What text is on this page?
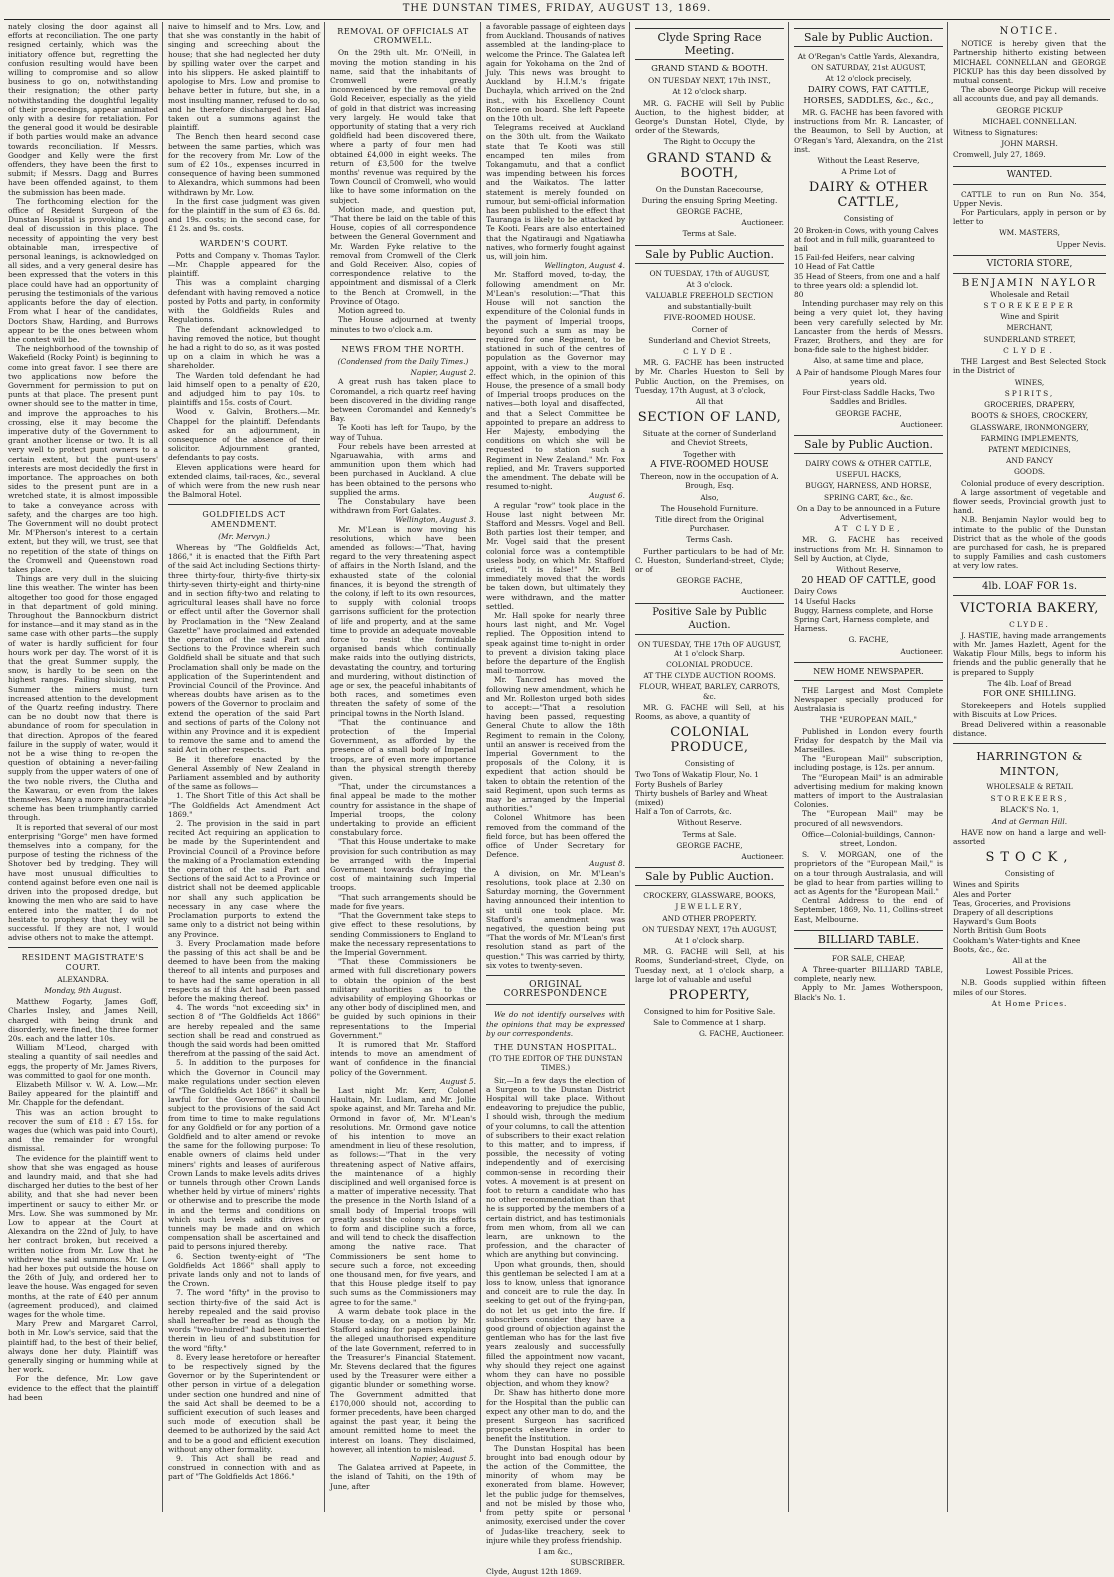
THE DUNSTAN TIMES, FRIDAY, AUGUST 13, 1869.

nately closing the door against all efforts at reconciliation. The one party resigned certainly, which was the initiatory offence but, regretting the confusion resulting would have been willing to compromise and so allow business to go on, notwithstanding their resignation; the other party notwithstanding the doughtful legality of their proceedings, appear animated only with a desire for retaliation. For the general good it would be desirable if both parties would make an advance towards reconciliation. If Messrs. Goodger and Kelly were the first offenders, they have been the first to submit; if Messrs. Dagg and Burres have been offended against, to them the submission has been made.

The forthcoming election for the office of Resident Surgeon of the Dunstan Hospital is provoking a good deal of discussion in this place. The necessity of appointing the very best obtainable man, irrespective of personal leanings, is acknowledged on all sides, and a very general desire has been expressed that the voters in this place could have had an opportunity of perusing the testimonials of the various applicants before the day of election. From what I hear of the candidates, Doctors Shaw, Harding, and Burrows appear to be the ones between whom the contest will be.

The neighborhood of the township of Wakefield (Rocky Point) is beginning to come into great favor. I see there are two applications now before the Government for permission to put on punts at that place. The present punt owner should see to the matter in time, and improve the approaches to his crossing, else it may become the imperative duty of the Government to grant another license or two. It is all very well to protect punt owners to a certain extent, but the punt-users' interests are most decidedly the first in importance. The approaches on both sides to the present punt are in a wretched state, it is almost impossible to take a conveyance across with safety, and the charges are too high. The Government will no doubt protect Mr. M'Pherson's interest to a certain extent, but they will, we trust, see that no repetition of the state of things on the Cromwell and Queenstown road takes place.

Things are very dull in the sluicing line this weather. The winter has been altogether too good for those engaged in that department of gold mining. Throughout the Bannockburn district for instance—and it may stand as in the same case with other parts—the supply of water is hardly sufficient for four hours work per day. The worst of it is that the great Summer supply, the snow, is hardly to be seen on the highest ranges. Failing sluicing, next Summer the miners must turn increased attention to the development of the Quartz reefing industry. There can be no doubt now that there is abundance of room for speculation in that direction. Apropos of the feared failure in the supply of water, would it not be a wise thing to re-open the question of obtaining a never-failing supply from the upper waters of one of the two noble rivers, the Clutha and the Kawarau, or even from the lakes themselves. Many a more impracticable scheme has been triumphantly carried through.

It is reported that several of our most enterprising "Gorge" men have formed themselves into a company, for the purpose of testing the richness of the Shotover bed by tredging. They will have most unusual difficulties to contend against before even one nail is driven into the proposed dredge, but knowing the men who are said to have entered into the matter, I do not hesitate to prophesy that they will be successful. If they are not, I would advise others not to make the attempt.

RESIDENT MAGISTRATE'S COURT.
ALEXANDRA.
Monday, 9th August.

Matthew Fogarty, James Goff, Charles Insley, and James Neill, charged with being drunk and disorderly, were fined, the three former 20s. each and the latter 10s.

William M'Leod, charged with stealing a quantity of sail needles and eggs, the property of Mr. James Rivers, was committed to gaol for one month.

Elizabeth Millsor v. W. A. Low.—Mr. Bailey appeared for the plaintiff and Mr. Chapple for the defendant.

This was an action brought to recover the sum of £18 : £7 15s. for wages due (which was paid into Court), and the remainder for wrongful dismissal.

The evidence for the plaintiff went to show that she was engaged as house and laundry maid, and that she had discharged her duties to the best of her ability, and that she had never been impertinent or saucy to either Mr. or Mrs. Low. She was summoned by Mr. Low to appear at the Court at Alexandra on the 22nd of July, to have her contract broken, but received a written notice from Mr. Low that he withdrew the said summons. Mr. Low had her boxes put outside the house on the 26th of July, and ordered her to leave the house. Was engaged for seven months, at the rate of £40 per annum (agreement produced), and claimed wages for the whole time.

Mary Prew and Margaret Carrol, both in Mr. Low's service, said that the plaintiff had, to the best of their belief, always done her duty. Plaintiff was generally singing or humming while at her work.

For the defence, Mr. Low gave evidence to the effect that the plaintiff had been

naive to himself and to Mrs. Low, and that she was constantly in the habit of singing and screeching about the house; that she had neglected her duty by spilling water over the carpet and into his slippers. He asked plaintiff to apologise to Mrs. Low and promise to behave better in future, but she, in a most insulting manner, refused to do so, and he therefore discharged her. Had taken out a summons against the plaintiff.

The Bench then heard second case between the same parties, which was for the recovery from Mr. Low of the sum of £2 10s., expenses incurred in consequence of having been summoned to Alexandra, which summons had been withdrawn by Mr. Low.

In the first case judgment was given for the plaintiff in the sum of £3 6s. 8d. and 19s. costs; in the second case, for £1 2s. and 9s. costs.

WARDEN'S COURT.

Potts and Company v. Thomas Taylor.—Mr. Chapple appeared for the plaintiff.

This was a complaint charging defendant with having removed a notice posted by Potts and party, in conformity with the Goldfields Rules and Regulations.

The defendant acknowledged to having removed the notice, but thought he had a right to do so, as it was posted up on a claim in which he was a shareholder.

The Warden told defendant he had laid himself open to a penalty of £20, and adjudged him to pay 10s. to plaintiffs and 15s. costs of Court.

Wood v. Galvin, Brothers.—Mr. Chappel for the plaintiff. Defendants asked for an adjournment, in consequence of the absence of their solicitor. Adjournment granted, defendants to pay costs.

Eleven applications were heard for extended claims, tail-races, &c., several of which were from the new rush near the Balmoral Hotel.

GOLDFIELDS ACT AMENDMENT.
(Mr. Mervyn.)

Whereas by "The Goldfields Act, 1866," it is enacted that the Fifth Part of the said Act including Sections thirty-three thirty-four, thirty-five thirty-six thirty-seven thirty-eight and thirty-nine and in section fifty-two and relating to agricultural leases shall have no force or effect until after the Governor shall by Proclamation in the "New Zealand Gazette" have proclaimed and extended the operation of the said Part and Sections to the Province wherein such Goldfield shall be situate and that such Proclamation shall only be made on the application of the Superintendent and Provincial Council of the Province. And whereas doubts have arisen as to the powers of the Governor to proclaim and extend the operation of the said Part and sections of parts of the Colony not within any Province and it is expedient to remove the same and to amend the said Act in other respects.

Be it therefore enacted by the General Assembly of New Zealand in Parliament assembled and by authority of the same as follows—

1. The Short Title of this Act shall be "The Goldfields Act Amendment Act 1869."

2. The provision in the said in part recited Act requiring an application to be made by the Superintendent and Provincial Council of a Province before the making of a Proclamation extending the operation of the said Part and Sections of the said Act to a Province or district shall not be deemed applicable nor shall any such application be necessary in any case where the Proclamation purports to extend the same only to a district not being within any Province.

3. Every Proclamation made before the passing of this act shall be and be deemed to have been from the making thereof to all intents and purposes and to have had the same operation in all respects as if this Act had been passed before the making thereof.

4. The words "not exceeding six" in section 8 of "The Goldfields Act 1866" are hereby repealed and the same section shall be read and construed as though the said words had been omitted therefrom at the passing of the said Act.

5. In addition to the purposes for which the Governor in Council may make regulations under section eleven of "The Goldfields Act 1866" it shall be lawful for the Governor in Council subject to the provisions of the said Act from time to time to make regulations for any Goldfield or for any portion of a Goldfield and to alter amend or revoke the same for the following purpose: To enable owners of claims held under miners' rights and leases of auriferous Crown Lands to make levels adits drives or tunnels through other Crown Lands whether held by virtue of miners' rights or otherwise and to prescribe the mode in and the terms and conditions on which such levels adits drives or tunnels may be made and on which compensation shall be ascertained and paid to persons injured thereby.

6. Section twenty-eight of "The Goldfields Act 1866" shall apply to private lands only and not to lands of the Crown.

7. The word "fifty" in the proviso to section thirty-five of the said Act is hereby repealed and the said proviso shall hereafter be read as though the words "two-hundred" had been inserted therein in lieu of and substitution for the word "fifty."

8. Every lease heretofore or hereafter to be respectively signed by the Governor or by the Superintendent or other person in virtue of a delegation under section one hundred and nine of the said Act shall be deemed to be a sufficient execution of such leases and such mode of execution shall be deemed to be authorized by the said Act and to be a good and efficient execution without any other formality.

9. This Act shall be read and construed in connection with and as part of "The Goldfields Act 1866."

REMOVAL OF OFFICIALS AT CROMWELL.

On the 29th ult. Mr. O'Neill, in moving the motion standing in his name, said that the inhabitants of Cromwell were greatly inconvenienced by the removal of the Gold Receiver, especially as the yield of gold in that district was increasing very largely. He would take that opportunity of stating that a very rich goldfield had been discovered there, where a party of four men had obtained £4,000 in eight weeks. The return of £3,500 for the twelve months' revenue was required by the Town Council of Cromwell, who would like to have some information on the subject.

Motion made, and question put, "That there be laid on the table of this House, copies of all correspondence between the General Government and Mr. Warden Fyke relative to the removal from Cromwell of the Clerk and Gold Receiver. Also, copies of correspondence relative to the appointment and dismissal of a Clerk to the Bench at Cromwell, in the Province of Otago.

Motion agreed to.

The House adjourned at twenty minutes to two o'clock a.m.

NEWS FROM THE NORTH.
(Condensed from the Daily Times.)
Napier, August 2.

A great rush has taken place to Coromandel, a rich quartz reef having been discovered in the dividing range between Coromandel and Kennedy's Bay.

Te Kooti has left for Taupo, by the way of Tuhua.

Four rebels have been arrested at Ngaruawahia, with arms and ammunition upon them which had been purchased in Auckland. A clue has been obtained to the persons who supplied the arms.

The Constabulary have been withdrawn from Fort Galates.

Wellington, August 3.

Mr. M'Lean is now moving his resolutions, which have been amended as follows:—"That, having regard to the very threatening aspect of affairs in the North Island, and the exhausted state of the colonial finances, it is beyond the strength of the colony, if left to its own resources, to supply with colonial troops garrisons sufficient for the protection of life and property, and at the same time to provide an adequate moveable force to resist the formidable organised bands which continually make raids into the outlying districts, devastating the country, and torturing and murdering, without distinction of age or sex, the peaceful inhabitants of both races, and sometimes even threaten the safety of some of the principal towns in the North Island.

"That the continuance and protection of the Imperial Government, as afforded by the presence of a small body of Imperial troops, are of even more importance than the physical strength thereby given.

"That, under the circumstances a final appeal be made to the mother country for assistance in the shape of Imperial troops, the colony undertaking to provide an efficient constabulary force.

"That this House undertake to make provision for such contribution as may be arranged with the Imperial Government towards defraying the cost of maintaining such Imperial troops.

"That such arrangements should be made for five years.

"That the Government take steps to give effect to these resolutions, by sending Commissioners to England to make the necessary representations to the Imperial Government.

"That these Commissioners be armed with full discretionary powers to obtain the opinion of the best military authorities as to the advisability of employing Ghoorkas or any other body of disciplined men, and be guided by such opinions in their representations to the Imperial Government."

It is rumored that Mr. Stafford intends to move an amendment of want of confidence in the financial policy of the Government.

August 5.

Last night Mr. Kerr, Colonel Haultain, Mr. Ludlam, and Mr. Jollie spoke against, and Mr. Tareha and Mr. Ormond in favor of, Mr. M'Lean's resolutions. Mr. Ormond gave notice of his intention to move an amendment in lieu of these resolution, as follows:—"That in the very threatening aspect of Native affairs, the maintenance of a highly disciplined and well organised force is a matter of imperative necessity. That the presence in the North Island of a small body of Imperial troops will greatly assist the colony in its efforts to form and discipline such a force, and will tend to check the disaffection among the native race. That Commissioners be sent home to secure such a force, not exceeding one thousand men, for five years, and that this House pledge itself to pay such sums as the Commissioners may agree to for the same."

A warm debate took place in the House to-day, on a motion by Mr. Stafford asking for papers explaining the alleged unauthorised expenditure of the late Government, referred to in the Treasurer's Financial Statement. Mr. Stevens declared that the figures used by the Treasurer were either a gigantic blunder or something worse. The Government admitted that £170,000 should not, according to former precedents, have been charged against the past year, it being the amount remitted home to meet the interest on loans. They disclaimed, however, all intention to mislead.

Napier, August 5.

The Galatea arrived at Papeete, in the island of Tahiti, on the 19th of June, after

a favorable passage of eighteen days from Auckland. Thousands of natives assembled at the landing-place to welcome the Prince. The Galatea left again for Yokohama on the 2nd of July. This news was brought to Auckland by H.I.M.'s frigate Duchayla, which arrived on the 2nd inst., with his Excellency Count Ronciere on board. She left Papeete on the 10th ult.

Telegrams received at Auckland on the 30th ult. from the Waikato state that Te Kooti was still encamped ten miles from Tokangamutu, and that a conflict was impending between his forces and the Waikatos. The latter statement is merely founded on rumour, but semi-official information has been published to the effect that Tauranga is likely to be attacked by Te Kooti. Fears are also entertained that the Ngatiraugi and Ngatiawha natives, who formerly fought against us, will join him.

Wellington, August 4.

Mr. Stafford moved, to-day, the following amendment on Mr. M'Lean's resolution:—"That this House will not sanction the expenditure of the Colonial funds in the payment of Imperial troops, beyond such a sum as may be required for one Regiment, to be stationed in such of the centres of population as the Governor may appoint, with a view to the moral effect which, in the opinion of this House, the presence of a small body of Imperial troops produces on the natives—both loyal and disaffected, and that a Select Committee be appointed to prepare an address to Her Majesty, embodying the conditions on which she will be requested to station such a Regiment in New Zealand." Mr. Fox replied, and Mr. Travers supported the amendment. The debate will be resumed to-night.

August 6.

A regular "row" took place in the House last night between Mr. Stafford and Messrs. Vogel and Bell. Both parties lost their temper, and Mr. Vogel said that the present colonial force was a contemptible useless body, on which Mr. Stafford cried, "It is false!" Mr. Bell immediately moved that the words be taken down, but ultimately they were withdrawn, and the matter settled.

Mr. Hall spoke for nearly three hours last night, and Mr. Vogel replied. The Opposition intend to speak against time to-night in order to prevent a division taking place before the departure of the English mail to-morrow.

Mr. Tancred has moved the following new amendment, which he and Mr. Rolleston urged both sides to accept:—"That a resolution having been passed, requesting General Chute to allow the 18th Regiment to remain in the Colony, until an answer is received from the Imperial Government to the proposals of the Colony, it is expedient that action should be taken to obtain the retention of the said Regiment, upon such terms as may be arranged by the Imperial authorities."

Colonel Whitmore has been removed from the command of the field force, but has been offered the office of Under Secretary for Defence.

August 8.

A division, on Mr. M'Lean's resolutions, took place at 2.30 on Saturday morning, the Government having announced their intention to sit until one took place. Mr. Stafford's amendment was negatived, the question being put "That the words of Mr. M'Lean's first resolution stand as part of the question." This was carried by thirty, six votes to twenty-seven.

ORIGINAL CORRESPONDENCE

We do not identify ourselves with the opinions that may be expressed by our correspondents.

THE DUNSTAN HOSPITAL.
(TO THE EDITOR OF THE DUNSTAN TIMES.)

Sir,—In a few days the election of a Surgeon to the Dunstan District Hospital will take place. Without endeavoring to prejudice the public, I should wish, through the medium of your columns, to call the attention of subscribers to their exact relation to this matter, and to impress, if possible, the necessity of voting independently and of exercising common-sense in recording their votes. A movement is at present on foot to return a candidate who has no other recommendation than that he is supported by the members of a certain district, and has testimonials from men whom, from all we can learn, are unknown to the profession, and the character of which are anything but convincing.

Upon what grounds, then, should this gentleman be selected I am at a loss to know, unless that ignorance and conceit are to rule the day. In seeking to get out of the frying-pan, do not let us get into the fire. If subscribers consider they have a good ground of objection against the gentleman who has for the last five years zealously and successfully filled the appointment now vacant, why should they reject one against whom they can have no possible objection, and whom they know?

Dr. Shaw has hitherto done more for the Hospital than the public can expect any other man to do, and the present Surgeon has sacrificed prospects elsewhere in order to benefit the Institution.

The Dunstan Hospital has been brought into bad enough odour by the action of the Committee, the minority of whom may be exonerated from blame. However, let the public judge for themselves, and not be misled by those who, from petty spite or personal animosity, exercised under the cover of Judas-like treachery, seek to injure while they profess friendship.

I am &c.,
SUBSCRIBER.
Clyde, August 12th 1869.
Clyde Spring Race Meeting.
GRAND STAND & BOOTH.
ON TUESDAY NEXT, 17th INST.,
At 12 o'clock sharp.

MR. G. FACHE will Sell by Public Auction, to the highest bidder, at George's Dunstan Hotel, Clyde, by order of the Stewards,

The Right to Occupy the
GRAND STAND & BOOTH,
On the Dunstan Racecourse,
During the ensuing Spring Meeting.
GEORGE FACHE,
Auctioneer.
Terms at Sale.
Sale by Public Auction.
ON TUESDAY, 17th of AUGUST,
At 3 o'clock.
VALUABLE FREEHOLD SECTION
and substantially-built
FIVE-ROOMED HOUSE.
Corner of
Sunderland and Cheviot Streets,
CLYDE.

MR. G. FACHE has been instructed by Mr. Charles Hueston to Sell by Public Auction, on the Premises, on Tuesday, 17th August, at 3 o'clock,

All that
SECTION OF LAND,
Situate at the corner of Sunderland and Cheviot Streets,
Together with
A FIVE-ROOMED HOUSE
Thereon, now in the occupation of A. Brough, Esq.
Also,
The Household Furniture.
Title direct from the Original Purchaser.
Terms Cash.

Further particulars to be had of Mr. C. Hueston, Sunderland-street, Clyde; or of

GEORGE FACHE,
Auctioneer.
Positive Sale by Public Auction.
ON TUESDAY, THE 17th OF AUGUST, At 1 o'clock Sharp.
COLONIAL PRODUCE.
AT THE CLYDE AUCTION ROOMS.
FLOUR, WHEAT, BARLEY, CARROTS, &c.

MR. G. FACHE will Sell, at his Rooms, as above, a quantity of

COLONIAL PRODUCE,
Consisting of

Two Tons of Wakatip Flour, No. 1

Forty Bushels of Barley

Thirty bushels of Barley and Wheat (mixed)

Half a Ton of Carrots, &c.

Without Reserve.
Terms at Sale.
GEORGE FACHE,
Auctioneer.
Sale by Public Auction.
CROCKERY, GLASSWARE, BOOKS,
JEWELLERY,
AND OTHER PROPERTY.
ON TUESDAY NEXT, 17th AUGUST,
At 1 o'clock sharp.

MR. G. FACHE will Sell, at his Rooms, Sunderland-street, Clyde, on Tuesday next, at 1 o'clock sharp, a large lot of valuable and useful

PROPERTY,
Consigned to him for Positive Sale.
Sale to Commence at 1 sharp.
G. FACHE, Auctioneer.
Sale by Public Auction.
At O'Regan's Cattle Yards, Alexandra,
ON SATURDAY, 21st AUGUST,
At 12 o'clock precisely,
DAIRY COWS, FAT CATTLE,
HORSES, SADDLES, &c., &c.,

MR. G. FACHE has been favored with instructions from Mr. R. Lancaster, of the Beaumon, to Sell by Auction, at O'Regan's Yard, Alexandra, on the 21st inst.

Without the Least Reserve,
A Prime Lot of
DAIRY & OTHER CATTLE,
Consisting of

20 Broken-in Cows, with young Calves at foot and in full milk, guaranteed to bail

15 Fail-fed Heifers, near calving

10 Head of Fat Cattle

35 Head of Steers, from one and a half to three years old: a splendid lot.

80

Intending purchaser may rely on this being a very quiet lot, they having been very carefully selected by Mr. Lancaster from the herds of Messrs. Frazer, Brothers, and they are for bona-fide sale to the highest bidder.

Also, at same time and place,
A Pair of handsome Plough Mares four years old.
Four First-class Saddle Hacks, Two Saddles and Bridles.
GEORGE FACHE,
Auctioneer.
Sale by Public Auction.
DAIRY COWS & OTHER CATTLE,
USEFUL HACKS,
BUGGY, HARNESS, AND HORSE,
SPRING CART, &c., &c.
On a Day to be announced in a Future Advertisement,
AT CLYDE,

MR. G. FACHE has received instructions from Mr. H. Sinnamon to Sell by Auction, at Clyde,

Without Reserve,
20 HEAD OF CATTLE, good

Dairy Cows

14 Useful Hacks

Buggy, Harness complete, and Horse

Spring Cart, Harness complete, and Harness.

G. FACHE,
Auctioneer.
NEW HOME NEWSPAPER.

THE Largest and Most Complete Newspaper specially produced for Australasia is

THE "EUROPEAN MAIL,"

Published in London every fourth Friday for despatch by the Mail via Marseilles.

The "European Mail" subscription, including postage, is 12s. per annum.

The "European Mail" is an admirable advertising medium for making known matters of import to the Australasian Colonies.

The "European Mail" may be procured of all newsvendors.

Office—Colonial-buildings, Cannon-street, London.

S. V. MORGAN, one of the proprietors of the "European Mail," is on a tour through Australasia, and will be glad to hear from parties willing to act as Agents for the "European Mail."

Central Address to the end of September, 1869, No. 11, Collins-street East, Melbourne.

BILLIARD TABLE.
FOR SALE, CHEAP,

A Three-quarter BILLIARD TABLE, complete, nearly new.

Apply to Mr. James Wotherspoon, Black's No. 1.

NOTICE.

NOTICE is hereby given that the Partnership hitherto existing between MICHAEL CONNELLAN and GEORGE PICKUP has this day been dissolved by mutual consent.

The above George Pickup will receive all accounts due, and pay all demands.

GEORGE PICKUP
MICHAEL CONNELLAN.
Witness to Signatures:
JOHN MARSH.
Cromwell, July 27, 1869.
WANTED.

CATTLE to run on Run No. 354, Upper Nevis.

For Particulars, apply in person or by letter to

WM. MASTERS,
Upper Nevis.
VICTORIA STORE,
BENJAMIN NAYLOR
Wholesale and Retail
STOREKEEPER
Wine and Spirit
MERCHANT,
SUNDERLAND STREET,
CLYDE.

THE Largest and Best Selected Stock in the District of

WINES,
SPIRITS,
GROCERIES, DRAPERY,
BOOTS & SHOES, CROCKERY,
GLASSWARE, IRONMONGERY,
FARMING IMPLEMENTS,
PATENT MEDICINES,
AND FANCY
GOODS.

Colonial produce of every description.

A large assortment of vegetable and flower seeds, Provincial growth just to hand.

N.B. Benjamin Naylor would beg to intimate to the public of the Dunstan District that as the whole of the goods are purchased for cash, he is prepared to supply Families and cash customers at very low rates.

4lb. LOAF FOR 1s.
VICTORIA BAKERY,
CLYDE.

J. HASTIE, having made arrangements with Mr. James Hazlett, Agent for the Wakatip Flour Mills, begs to inform his friends and the public generally that he is prepared to Supply

The 4lb. Loaf of Bread
FOR ONE SHILLING.

Storekeepers and Hotels supplied with Biscuits at Low Prices.

Bread Delivered within a reasonable distance.

HARRINGTON & MINTON,
WHOLESALE & RETAIL
STOREKEERS,
BLACK'S No. 1,
And at German Hill.

HAVE now on hand a large and well-assorted

STOCK,
Consisting of

Wines and Spirits

Ales and Porter

Teas, Groceries, and Provisions

Drapery of all descriptions

Hayward's Gum Boots

North British Gum Boots

Cookham's Water-tights and Knee Boots, &c., &c.

All at the
Lowest Possible Prices.

N.B. Goods supplied within fifteen miles of our Stores.

At Home Prices.
